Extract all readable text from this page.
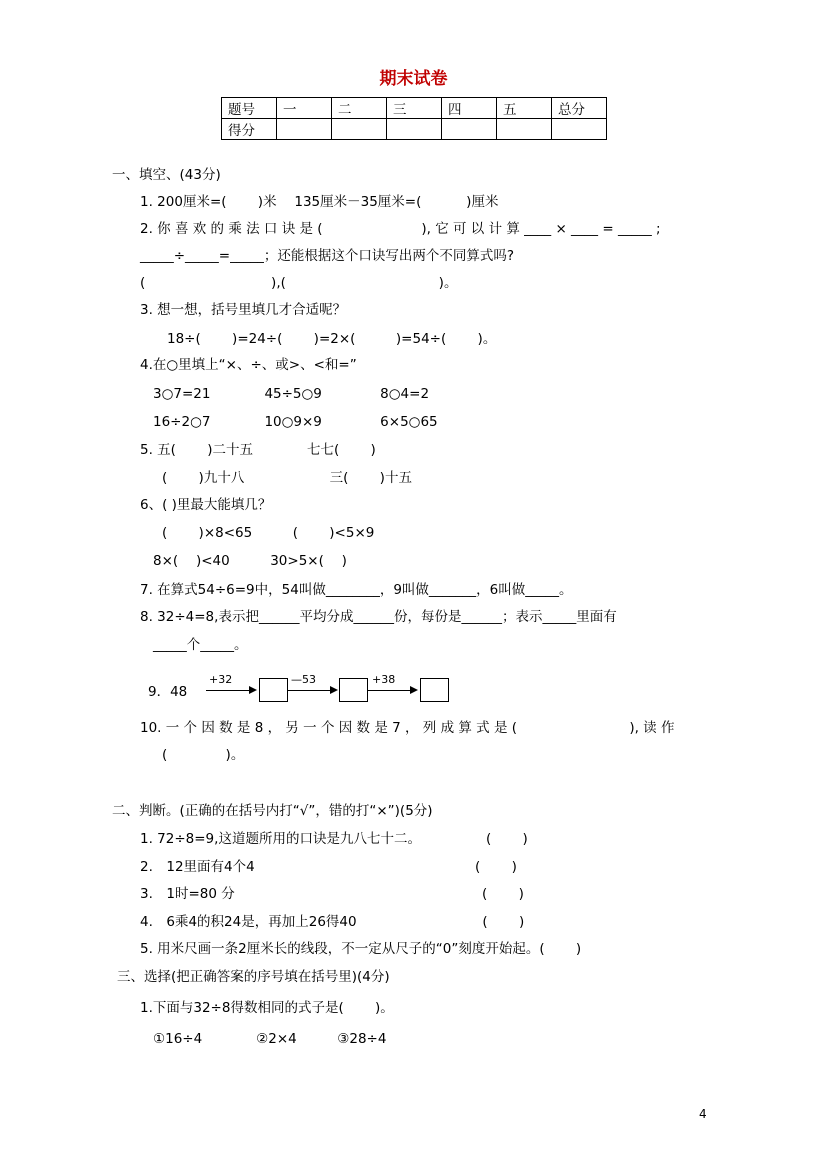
期末试卷
题号	一	二	三	四	五	总分
得分						
一、填空、(43分)
1. 200厘米=(　　 )米　 135厘米－35厘米=(　　　 )厘米
2. 你 喜 欢 的 乘 法 口 诀 是 (　　　　　　　 ), 它 可 以 计 算 ____ × ____ = _____ ;
_____÷_____=_____；还能根据这个口诀写出两个不同算式吗?
(　　　　　　　　　 ),(　　　　　　　　　　　 )。
3. 想一想，括号里填几才合适呢？
18÷(　　 )=24÷(　　 )=2×(　　　)=54÷(　　 )。
4.在○里填上“×、÷、或>、<和=”
3○7=21　　　　45÷5○9　　　　 8○4=2
16÷2○7　　　　10○9×9　　　　 6×5○65
5. 五(　　 )二十五　　　　七七(　　 )
(　　 )九十八　　　　　　 三(　　 )十五
6、( )里最大能填几？
(　　 )×8<65　　　(　　 )<5×9
8×(　 )<40　　　30>5×(　 )
7. 在算式54÷6=9中，54叫做________，9叫做_______，6叫做_____。
8. 32÷4=8,表示把______平均分成______份，每份是______；表示_____里面有
_____个_____。
10. 一 个 因 数 是 8 ， 另 一 个 因 数 是 7 ， 列 成 算 式 是 (　　　　　　　　 ), 读 作
(　　　　 )。
二、判断。(正确的在括号内打“√”，错的打“×”)(5分)
1. 72÷8=9,这道题所用的口诀是九八七十二。　　　　　 (　　 )
2.　12里面有4个4　　　　　　　　　　　　　　　　 (　　 )
3.　1时=80 分　　　　　　　　　　　　　　　　　　 (　　 )
4.　6乘4的积24是，再加上26得40　　　　　　　　　 (　　 )
5. 用米尺画一条2厘米长的线段，不一定从尺子的“0”刻度开始起。(　　 )
三、选择(把正确答案的序号填在括号里)(4分)
1.下面与32÷8得数相同的式子是(　　 )。
①16÷4　　　　②2×4　　　③28÷4
9．48
+32	—53	+38
4
